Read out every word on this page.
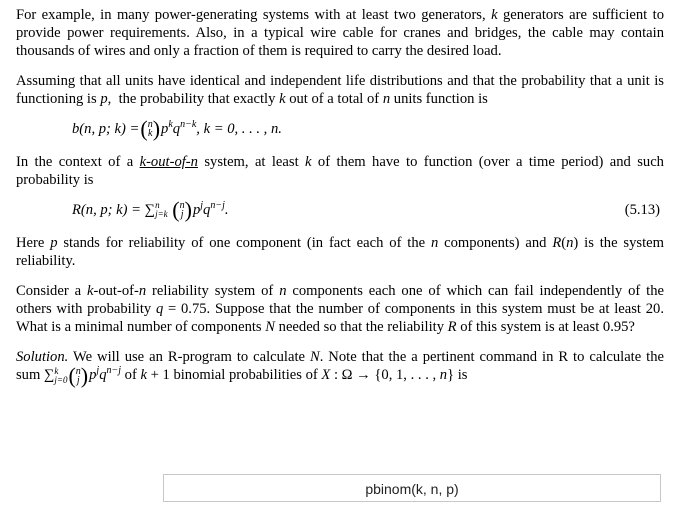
For example, in many power-generating systems with at least two generators, k generators are sufficient to provide power requirements. Also, in a typical wire cable for cranes and bridges, the cable may contain thousands of wires and only a fraction of them is required to carry the desired load.

Assuming that all units have identical and independent life distributions and that the probability that a unit is functioning is p,  the probability that exactly k out of a total of n units function is

b(n, p; k) = (n
k) $p^kq^{n-k}$ , k = 0, . . . , n.

In the context of a k-out-of-n system, at least k of them have to function (over a time period) and such probability is

R(n, p; k) = ∑n
j=k (n
$j)p^jq^{n-j}$.	(5.13)

Here p stands for reliability of one component (in fact each of the n components) and R(n) is the system reliability.

Consider a k-out-of-n reliability system of n components each one of which can fail independently of the others with probability q = 0.75. Suppose that the number of components in this system must be at least 20. What is a minimal number of components N needed so that the reliability R of this system is at least 0.95?

Solution. We will use an R-program to calculate N. Note that the a pertinent command in R to calculate the sum ∑k
j=0(n
$j)p^jq^{n-j}$ of k + 1 binomial probabilities of X : Ω → {0, 1, . . . , n} is

pbinom(k, n, p)
